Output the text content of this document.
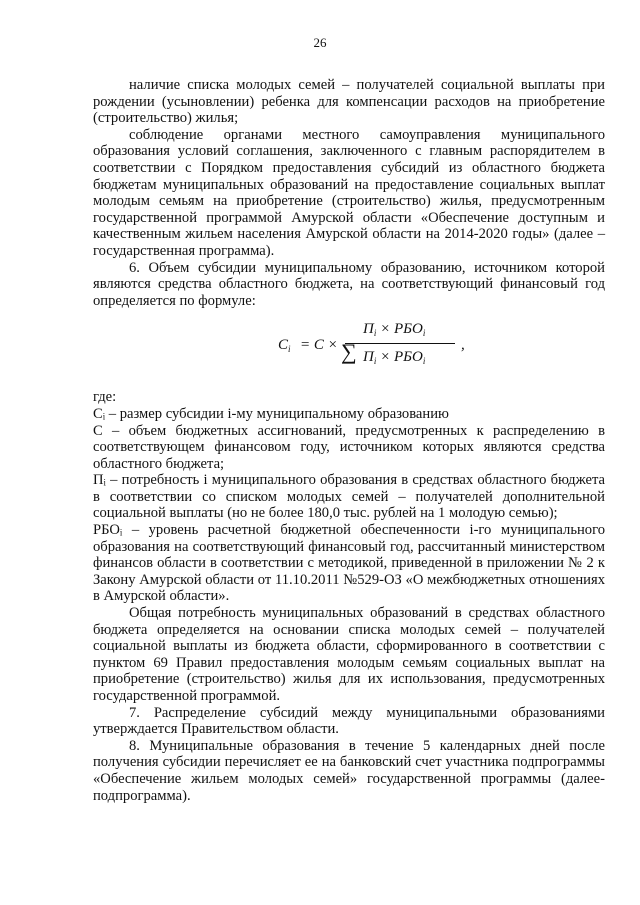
26

наличие списка молодых семей – получателей социальной выплаты при рождении (усыновлении) ребенка для компенсации расходов на приобретение (строительство) жилья;

соблюдение органами местного самоуправления муниципального образования условий соглашения, заключенного с главным распорядителем в соответствии с Порядком предоставления субсидий из областного бюджета бюджетам муниципальных образований на предоставление социальных выплат молодым семьям на приобретение (строительство) жилья, предусмотренным государственной программой Амурской области «Обеспечение доступным и качественным жильем населения Амурской области на 2014-2020 годы» (далее – государственная программа).

6. Объем субсидии муниципальному образованию, источником которой являются средства областного бюджета, на соответствующий финансовый год определяется по формуле:

$C_i = C$ ×
$П_i \times РБО_i$
∑ $П_i \times РБО_i$
,

где:

Cᵢ – размер субсидии i-му муниципальному образованию

C – объем бюджетных ассигнований, предусмотренных к распределению в соответствующем финансовом году, источником которых являются средства областного бюджета;

Пᵢ – потребность i муниципального образования в средствах областного бюджета в соответствии со списком молодых семей – получателей дополнительной социальной выплаты (но не более 180,0 тыс. рублей на 1 молодую семью);

РБОᵢ – уровень расчетной бюджетной обеспеченности i-го муниципального образования на соответствующий финансовый год, рассчитанный министерством финансов области в соответствии с методикой, приведенной в приложении № 2 к Закону Амурской области от 11.10.2011 №529-ОЗ «О межбюджетных отношениях в Амурской области».

Общая потребность муниципальных образований в средствах областного бюджета определяется на основании списка молодых семей – получателей социальной выплаты из бюджета области, сформированного в соответствии с пунктом 69 Правил предоставления молодым семьям социальных выплат на приобретение (строительство) жилья для их использования, предусмотренных государственной программой.

7. Распределение субсидий между муниципальными образованиями утверждается Правительством области.

8. Муниципальные образования в течение 5 календарных дней после получения субсидии перечисляет ее на банковский счет участника подпрограммы «Обеспечение жильем молодых семей» государственной программы (далее-подпрограмма).
